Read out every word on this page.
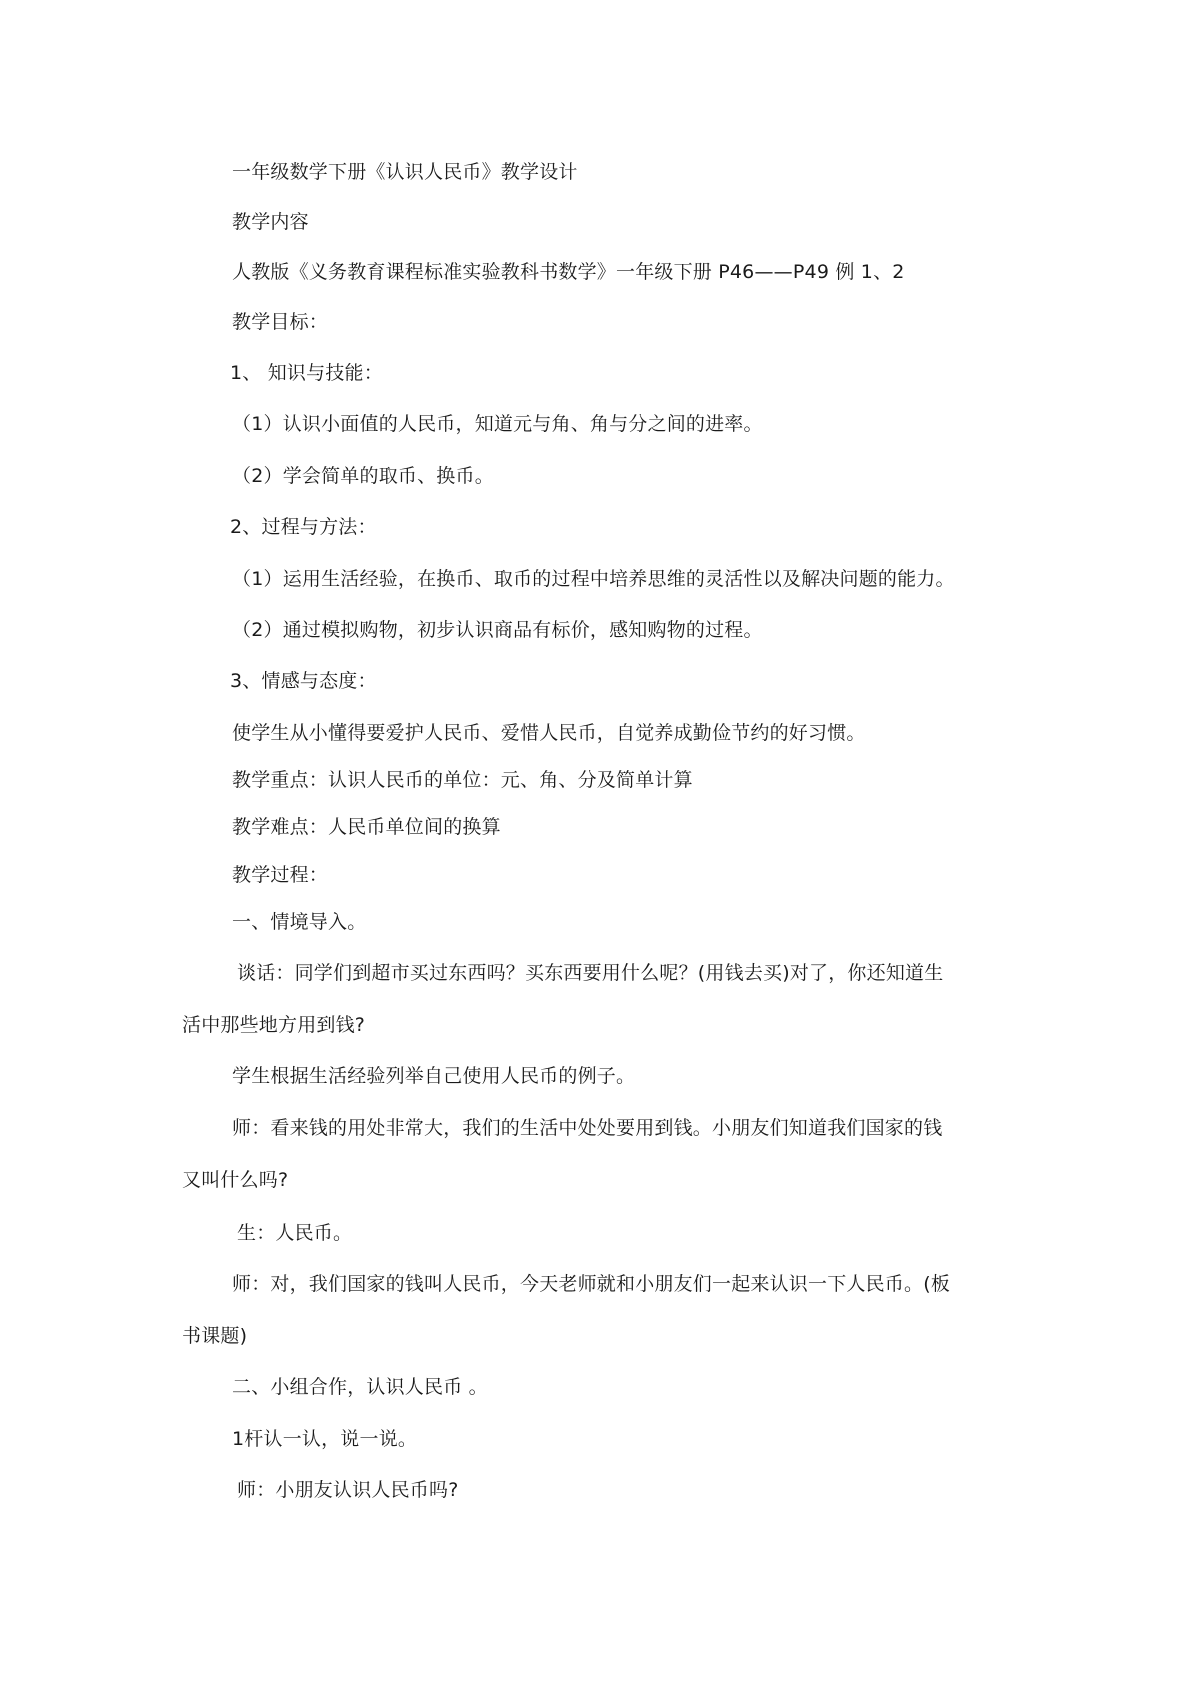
一年级数学下册《认识人民币》教学设计

教学内容

人教版《义务教育课程标准实验教科书数学》一年级下册 P46——P49 例 1、2

教学目标：

1、 知识与技能：

（1）认识小面值的人民币，知道元与角、角与分之间的进率。

（2）学会简单的取币、换币。

2、过程与方法：

（1）运用生活经验，在换币、取币的过程中培养思维的灵活性以及解决问题的能力。

（2）通过模拟购物，初步认识商品有标价，感知购物的过程。

3、情感与态度：

使学生从小懂得要爱护人民币、爱惜人民币，自觉养成勤俭节约的好习惯。

教学重点：认识人民币的单位：元、角、分及简单计算

教学难点：人民币单位间的换算

教学过程：

一、情境导入。

谈话：同学们到超市买过东西吗？买东西要用什么呢？(用钱去买)对了，你还知道生

活中那些地方用到钱?

学生根据生活经验列举自己使用人民币的例子。

师：看来钱的用处非常大，我们的生活中处处要用到钱。小朋友们知道我们国家的钱

又叫什么吗?

生：人民币。

师：对，我们国家的钱叫人民币，今天老师就和小朋友们一起来认识一下人民币。(板

书课题)

二、小组合作，认识人民币 。

1杆认一认，说一说。

师：小朋友认识人民币吗?
